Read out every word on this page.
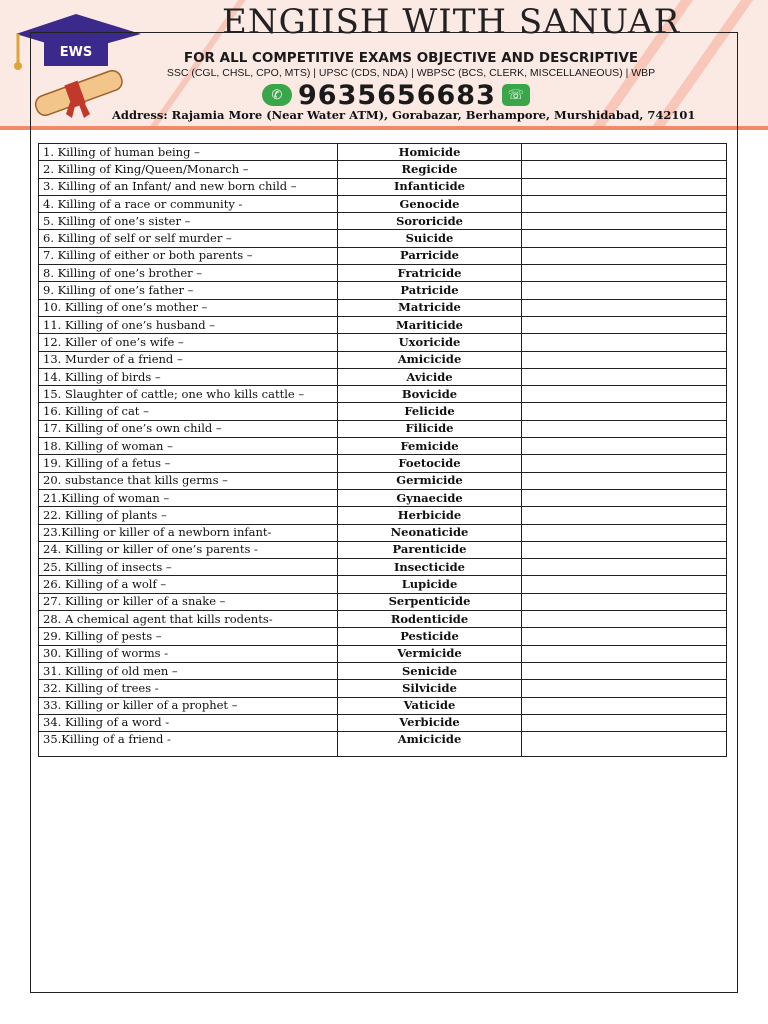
EWS
ENGIISH WITH SANUAR
FOR ALL COMPETITIVE EXAMS OBJECTIVE AND DESCRIPTIVE
SSC (CGL, CHSL, CPO, MTS) | UPSC (CDS, NDA) | WBPSC (BCS, CLERK, MISCELLANEOUS) | WBP
✆ 9635656683 ☏
Address: Rajamia More (Near Water ATM), Gorabazar, Berhampore, Murshidabad, 742101
1. Killing of human being –	Homicide	
2. Killing of King/Queen/Monarch –	Regicide	
3. Killing of an Infant/ and new born child –	Infanticide	
4. Killing of a race or community -	Genocide	
5. Killing of one’s sister –	Sororicide	
6. Killing of self or self murder –	Suicide	
7. Killing of either or both parents –	Parricide	
8. Killing of one’s brother –	Fratricide	
9. Killing of one’s father –	Patricide	
10. Killing of one’s mother –	Matricide	
11. Killing of one’s husband –	Mariticide	
12. Killer of one’s wife –	Uxoricide	
13. Murder of a friend –	Amicicide	
14. Killing of birds –	Avicide	
15. Slaughter of cattle; one who kills cattle –	Bovicide	
16. Killing of cat –	Felicide	
17. Killing of one’s own child –	Filicide	
18. Killing of woman –	Femicide	
19. Killing of a fetus –	Foetocide	
20. substance that kills germs –	Germicide	
21.Killing of woman –	Gynaecide	
22. Killing of plants –	Herbicide	
23.Killing or killer of a newborn infant-	Neonaticide	
24. Killing or killer of one’s parents -	Parenticide	
25. Killing of insects –	Insecticide	
26. Killing of a wolf –	Lupicide	
27. Killing or killer of a snake –	Serpenticide	
28. A chemical agent that kills rodents-	Rodenticide	
29. Killing of pests –	Pesticide	
30. Killing of worms -	Vermicide	
31. Killing of old men –	Senicide	
32. Killing of trees -	Silvicide	
33. Killing or killer of a prophet –	Vaticide	
34. Killing of a word -	Verbicide	
35.Killing of a friend -	Amicicide	
